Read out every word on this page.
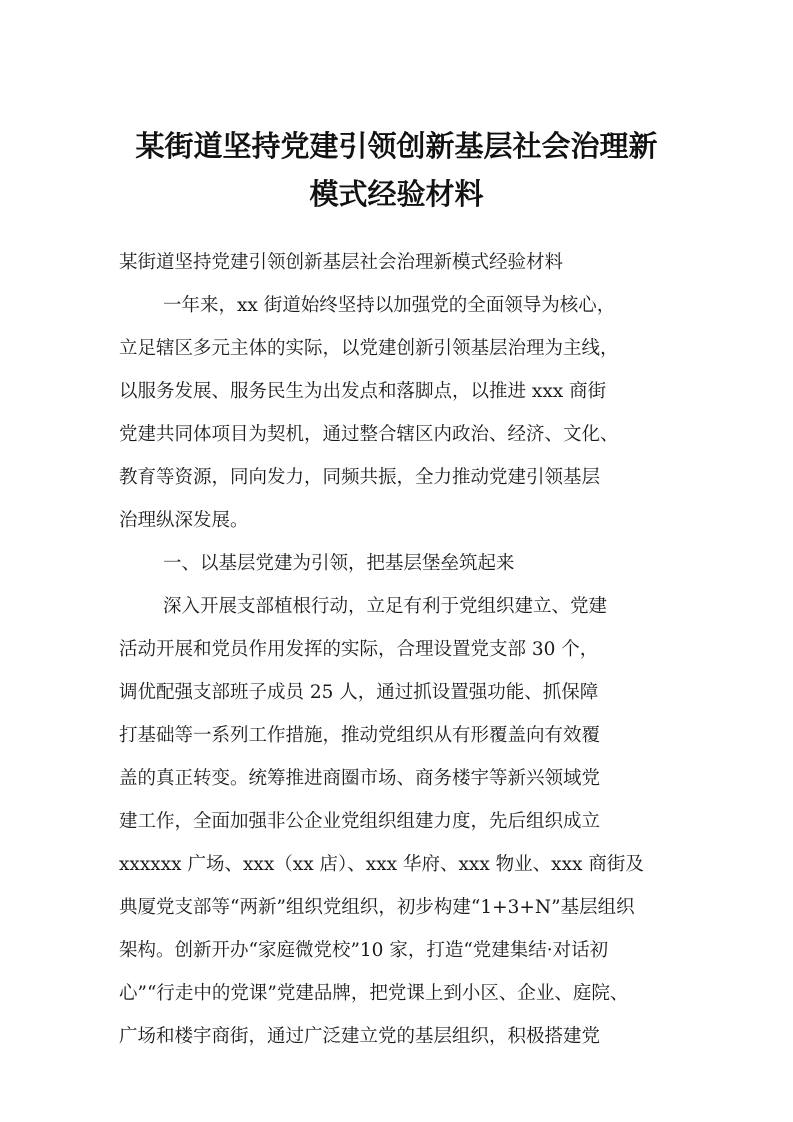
某街道坚持党建引领创新基层社会治理新
模式经验材料
某街道坚持党建引领创新基层社会治理新模式经验材料
一年来，xx 街道始终坚持以加强党的全面领导为核心，
立足辖区多元主体的实际，以党建创新引领基层治理为主线，
以服务发展、服务民生为出发点和落脚点，以推进 xxx 商街
党建共同体项目为契机，通过整合辖区内政治、经济、文化、
教育等资源，同向发力，同频共振，全力推动党建引领基层
治理纵深发展。
一、以基层党建为引领，把基层堡垒筑起来
深入开展支部植根行动，立足有利于党组织建立、党建
活动开展和党员作用发挥的实际，合理设置党支部 30 个，
调优配强支部班子成员 25 人，通过抓设置强功能、抓保障
打基础等一系列工作措施，推动党组织从有形覆盖向有效覆
盖的真正转变。统筹推进商圈市场、商务楼宇等新兴领域党
建工作，全面加强非公企业党组织组建力度，先后组织成立
xxxxxx 广场、xxx（xx 店）、xxx 华府、xxx 物业、xxx 商街及
典厦党支部等“两新”组织党组织，初步构建“1+3+N”基层组织
架构。创新开办“家庭微党校”10 家，打造“党建集结·对话初
心”“行走中的党课”党建品牌，把党课上到小区、企业、庭院、
广场和楼宇商街，通过广泛建立党的基层组织，积极搭建党
